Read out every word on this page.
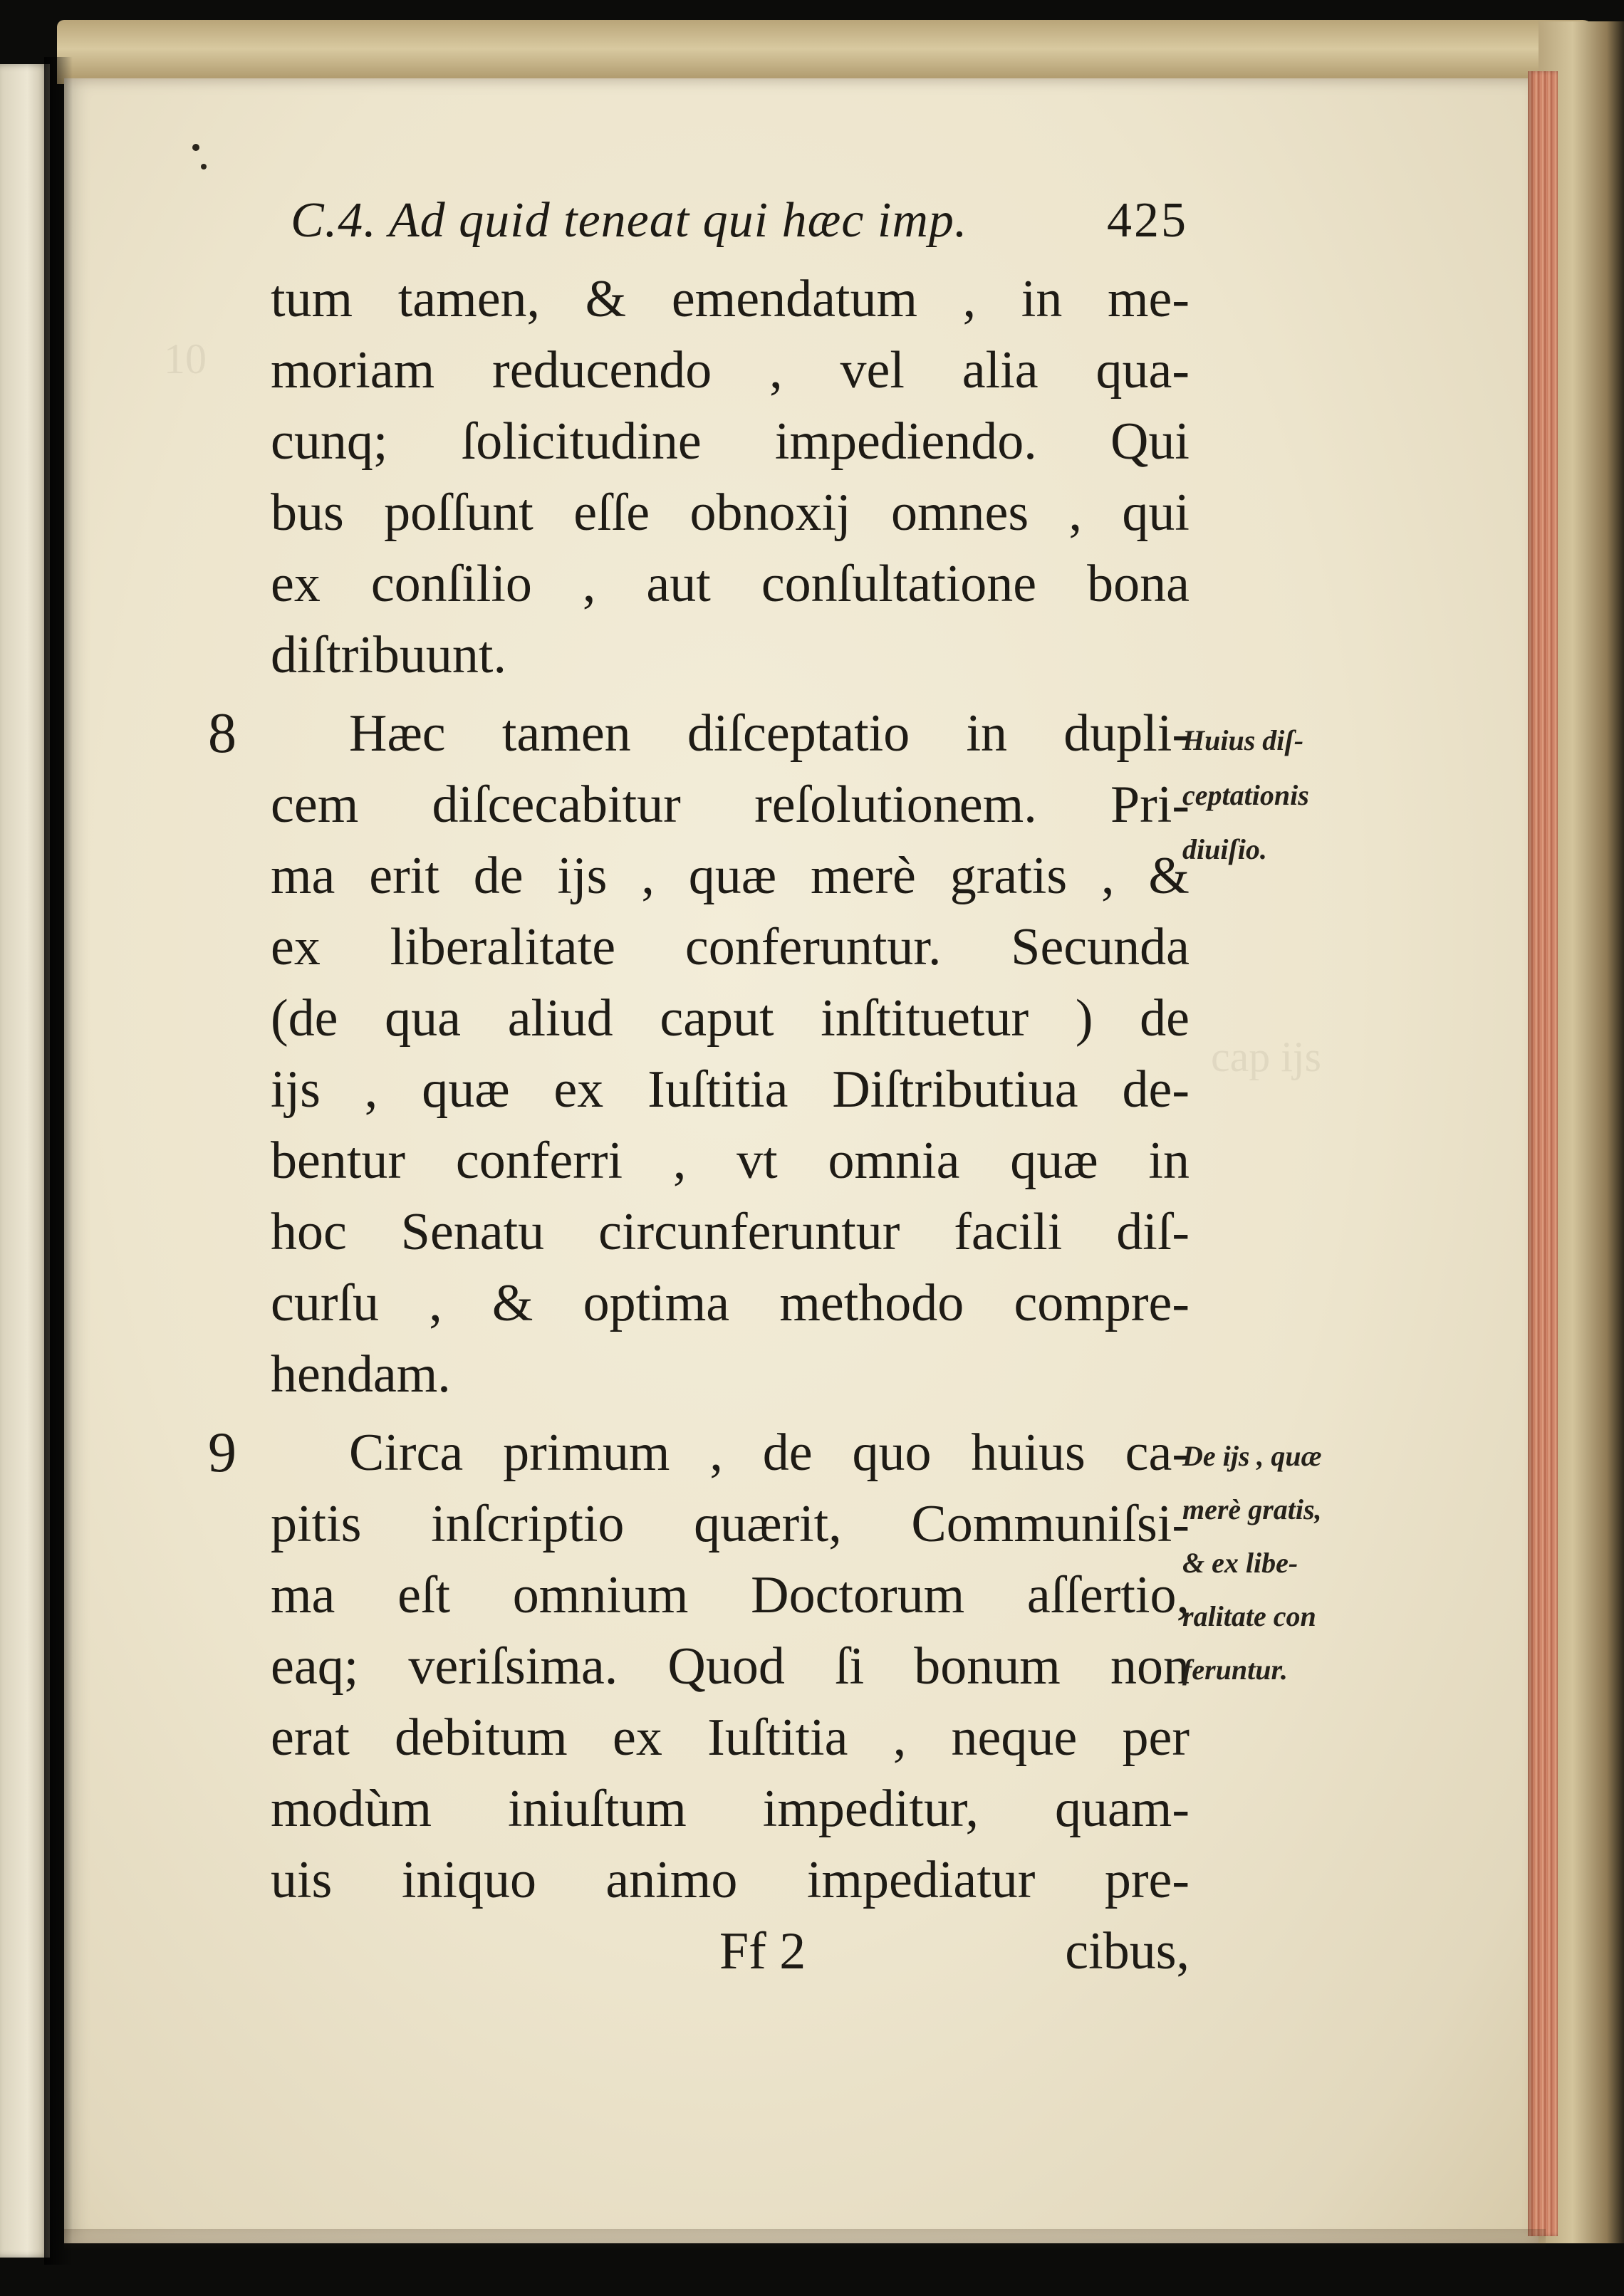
10
cap ijs
C.4. Ad quid teneat qui hæc imp.	425
tum tamen, & emendatum , in me-
moriam reducendo , vel alia qua-
cunq; ſolicitudine impediendo. Qui
bus poſſunt eſſe obnoxij omnes , qui
ex conſilio , aut conſultatione bona
diſtribuunt.
8 Hæc tamen diſceptatio in dupli-
cem diſcecabitur reſolutionem. Pri-
ma erit de ijs , quæ merè gratis , &
ex liberalitate conferuntur. Secunda
(de qua aliud caput inſtituetur ) de
ijs , quæ ex Iuſtitia Diſtributiua de-
bentur conferri , vt omnia quæ in
hoc Senatu circunferuntur facili diſ-
curſu , & optima methodo compre-
hendam.
9 Circa primum , de quo huius ca-
pitis inſcriptio quærit, Communiſsi-
ma eſt omnium Doctorum aſſertio,
eaq; veriſsima. Quod ſi bonum non
erat debitum ex Iuſtitia , neque per
modùm iniuſtum impeditur, quam-
uis iniquo animo impediatur pre-
Ff 2	cibus,
Huius diſ-
ceptationis
diuiſio.
De ijs , quæ
merè gratis,
& ex libe-
ralitate con
feruntur.
